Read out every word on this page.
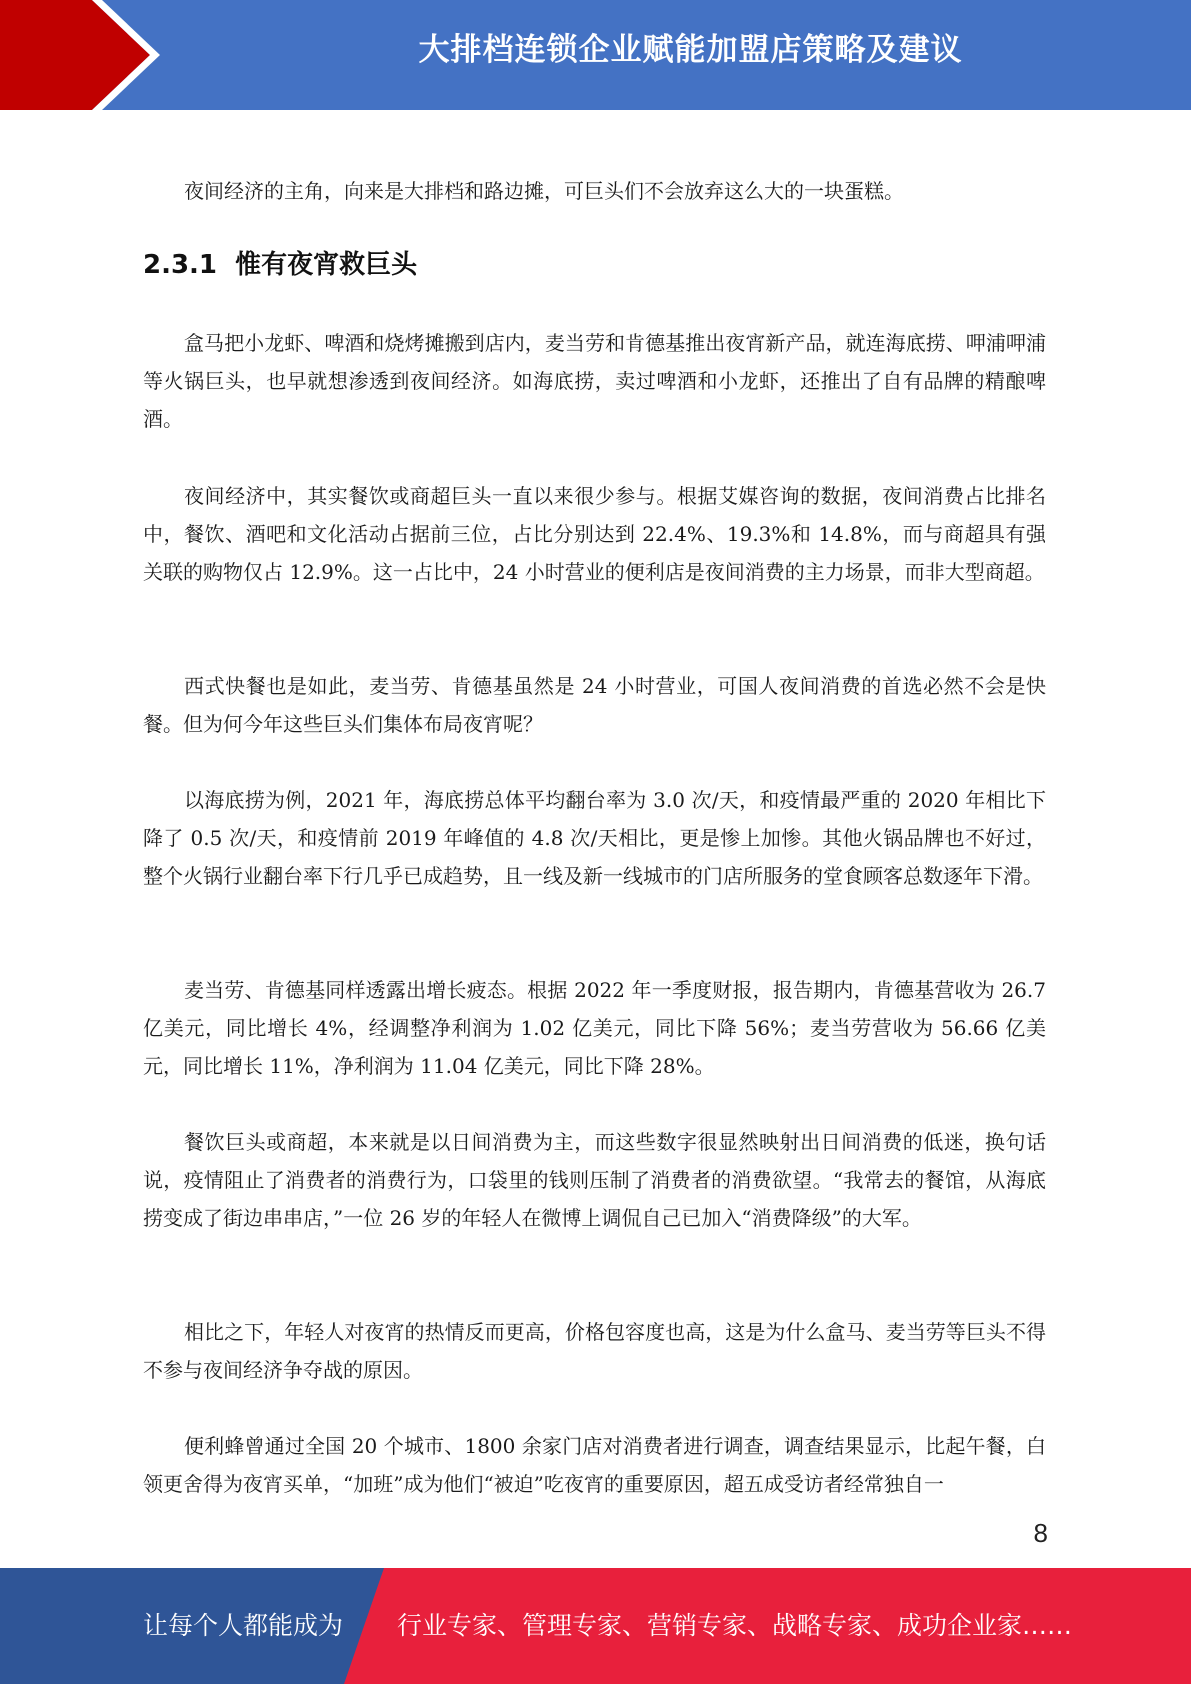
大排档连锁企业赋能加盟店策略及建议

夜间经济的主角，向来是大排档和路边摊，可巨头们不会放弃这么大的一块蛋糕。

2.3.1 惟有夜宵救巨头

盒马把小龙虾、啤酒和烧烤摊搬到店内，麦当劳和肯德基推出夜宵新产品，就连海底捞、呷浦呷浦等火锅巨头，也早就想渗透到夜间经济。如海底捞，卖过啤酒和小龙虾，还推出了自有品牌的精酿啤酒。

夜间经济中，其实餐饮或商超巨头一直以来很少参与。根据艾媒咨询的数据，夜间消费占比排名中，餐饮、酒吧和文化活动占据前三位，占比分别达到 22.4%、19.3%和 14.8%，而与商超具有强关联的购物仅占 12.9%。这一占比中，24 小时营业的便利店是夜间消费的主力场景，而非大型商超。

西式快餐也是如此，麦当劳、肯德基虽然是 24 小时营业，可国人夜间消费的首选必然不会是快餐。但为何今年这些巨头们集体布局夜宵呢？

以海底捞为例，2021 年，海底捞总体平均翻台率为 3.0 次/天，和疫情最严重的 2020 年相比下降了 0.5 次/天，和疫情前 2019 年峰值的 4.8 次/天相比，更是惨上加惨。其他火锅品牌也不好过，整个火锅行业翻台率下行几乎已成趋势，且一线及新一线城市的门店所服务的堂食顾客总数逐年下滑。

麦当劳、肯德基同样透露出增长疲态。根据 2022 年一季度财报，报告期内，肯德基营收为 26.7 亿美元，同比增长 4%，经调整净利润为 1.02 亿美元，同比下降 56%；麦当劳营收为 56.66 亿美元，同比增长 11%，净利润为 11.04 亿美元，同比下降 28%。

餐饮巨头或商超，本来就是以日间消费为主，而这些数字很显然映射出日间消费的低迷，换句话说，疫情阻止了消费者的消费行为，口袋里的钱则压制了消费者的消费欲望。“我常去的餐馆，从海底捞变成了街边串串店，”一位 26 岁的年轻人在微博上调侃自己已加入“消费降级”的大军。

相比之下，年轻人对夜宵的热情反而更高，价格包容度也高，这是为什么盒马、麦当劳等巨头不得不参与夜间经济争夺战的原因。

便利蜂曾通过全国 20 个城市、1800 余家门店对消费者进行调查，调查结果显示，比起午餐，白领更舍得为夜宵买单，“加班”成为他们“被迫”吃夜宵的重要原因，超五成受访者经常独自一

8
让每个人都能成为 行业专家、管理专家、营销专家、战略专家、成功企业家……
